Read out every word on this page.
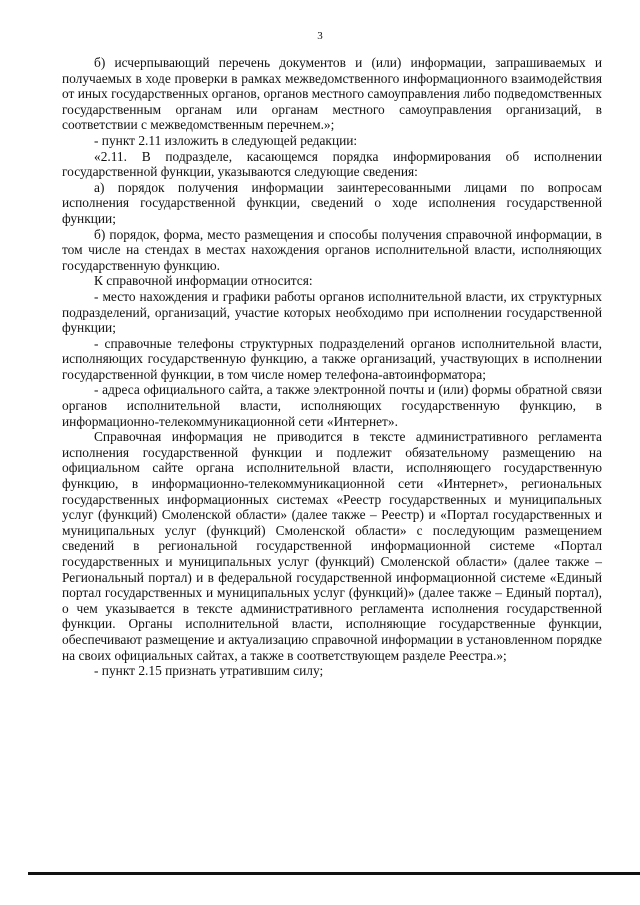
3

б) исчерпывающий перечень документов и (или) информации, запрашиваемых и получаемых в ходе проверки в рамках межведомственного информационного взаимодействия от иных государственных органов, органов местного самоуправления либо подведомственных государственным органам или органам местного самоуправления организаций, в соответствии с межведомственным перечнем.»;

- пункт 2.11 изложить в следующей редакции:

«2.11. В подразделе, касающемся порядка информирования об исполнении государственной функции, указываются следующие сведения:

а) порядок получения информации заинтересованными лицами по вопросам исполнения государственной функции, сведений о ходе исполнения государственной функции;

б) порядок, форма, место размещения и способы получения справочной информации, в том числе на стендах в местах нахождения органов исполнительной власти, исполняющих государственную функцию.

К справочной информации относится:

- место нахождения и графики работы органов исполнительной власти, их структурных подразделений, организаций, участие которых необходимо при исполнении государственной функции;

- справочные телефоны структурных подразделений органов исполнительной власти, исполняющих государственную функцию, а также организаций, участвующих в исполнении государственной функции, в том числе номер телефона-автоинформатора;

- адреса официального сайта, а также электронной почты и (или) формы обратной связи органов исполнительной власти, исполняющих государственную функцию, в информационно-телекоммуникационной сети «Интернет».

Справочная информация не приводится в тексте административного регламента исполнения государственной функции и подлежит обязательному размещению на официальном сайте органа исполнительной власти, исполняющего государственную функцию, в информационно-телекоммуникационной сети «Интернет», региональных государственных информационных системах «Реестр государственных и муниципальных услуг (функций) Смоленской области» (далее также – Реестр) и «Портал государственных и муниципальных услуг (функций) Смоленской области» с последующим размещением сведений в региональной государственной информационной системе «Портал государственных и муниципальных услуг (функций) Смоленской области» (далее также – Региональный портал) и в федеральной государственной информационной системе «Единый портал государственных и муниципальных услуг (функций)» (далее также – Единый портал), о чем указывается в тексте административного регламента исполнения государственной функции. Органы исполнительной власти, исполняющие государственные функции, обеспечивают размещение и актуализацию справочной информации в установленном порядке на своих официальных сайтах, а также в соответствующем разделе Реестра.»;

- пункт 2.15 признать утратившим силу;
